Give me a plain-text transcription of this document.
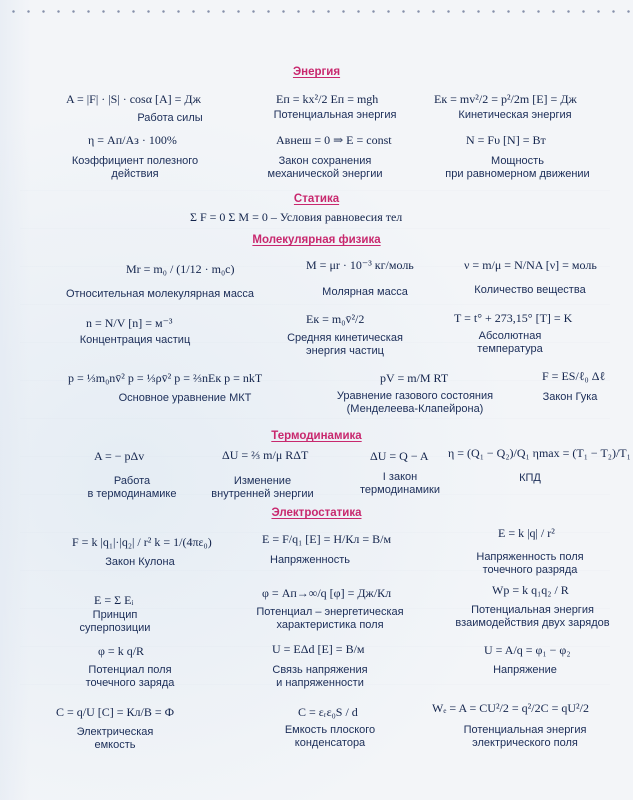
Энергия
A = |F| · |S| · cosα [A] = Дж
Работа силы
Eп = kx²/2 Eп = mgh
Потенциальная энергия
Eк = mv²/2 = p²/2m [E] = Дж
Кинетическая энергия
η = Aп/Aз · 100%
Коэффициент полезного
действия
Aвнеш = 0 ⇒ E = const
Закон сохранения
механической энергии
N = Fυ [N] = Вт
Мощность
при равномерном движении
Статика
Σ F = 0 Σ M = 0 – Условия равновесия тел
Молекулярная физика
Mr = m₀ / (1/12 · m₀c)
Относительная молекулярная масса
M = μr · 10⁻³ кг/моль
Молярная масса
ν = m/μ = N/NA [ν] = моль
Количество вещества
n = N/V [n] = м⁻³
Концентрация частиц
Eк = m₀v̄²/2
Средняя кинетическая
энергия частиц
T = t° + 273,15° [T] = K
Абсолютная
температура
p = ⅓m₀nv̄² p = ⅓ρv̄² p = ⅔nEк p = nkT
Основное уравнение МКТ
pV = m/M RT
Уравнение газового состояния
(Менделеева-Клапейрона)
F = ES/ℓ₀ Δℓ
Закон Гука
Термодинамика
A = − pΔv
Работа
в термодинамике
ΔU = ⅔ m/μ RΔT
Изменение
внутренней энергии
ΔU = Q − A
I закон
термодинамики
η = (Q₁ − Q₂)/Q₁ ηmax = (T₁ − T₂)/T₁
КПД
Электростатика
F = k |q₁|·|q₂| / r² k = 1/(4πε₀)
Закон Кулона
E = F/q₁ [E] = Н/Кл = В/м
Напряженность
E = k |q| / r²
Напряженность поля
точечного разряда
E = Σ Eᵢ
Принцип
суперпозиции
φ = Aп→∞/q [φ] = Дж/Кл
Потенциал – энергетическая
характеристика поля
Wp = k q₁q₂ / R
Потенциальная энергия
взаимодействия двух зарядов
φ = k q/R
Потенциал поля
точечного заряда
U = EΔd [E] = В/м
Связь напряжения
и напряженности
U = A/q = φ₁ − φ₂
Напряжение
C = q/U [C] = Кл/В = Ф
Электрическая
емкость
C = εᵣε₀S / d
Емкость плоского
конденсатора
Wₑ = A = CU²/2 = q²/2C = qU²/2
Потенциальная энергия
электрического поля
